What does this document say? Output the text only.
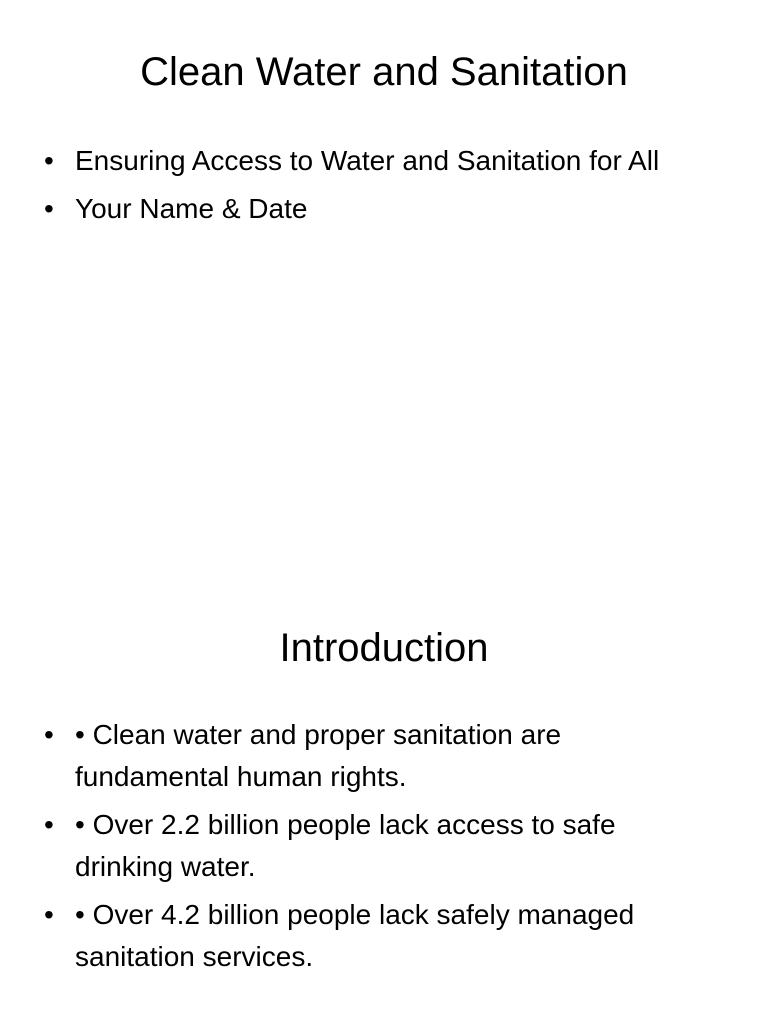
Clean Water and Sanitation
• Ensuring Access to Water and Sanitation for All
• Your Name & Date
Introduction
• • Clean water and proper sanitation are fundamental human rights.
• • Over 2.2 billion people lack access to safe drinking water.
• • Over 4.2 billion people lack safely managed sanitation services.
